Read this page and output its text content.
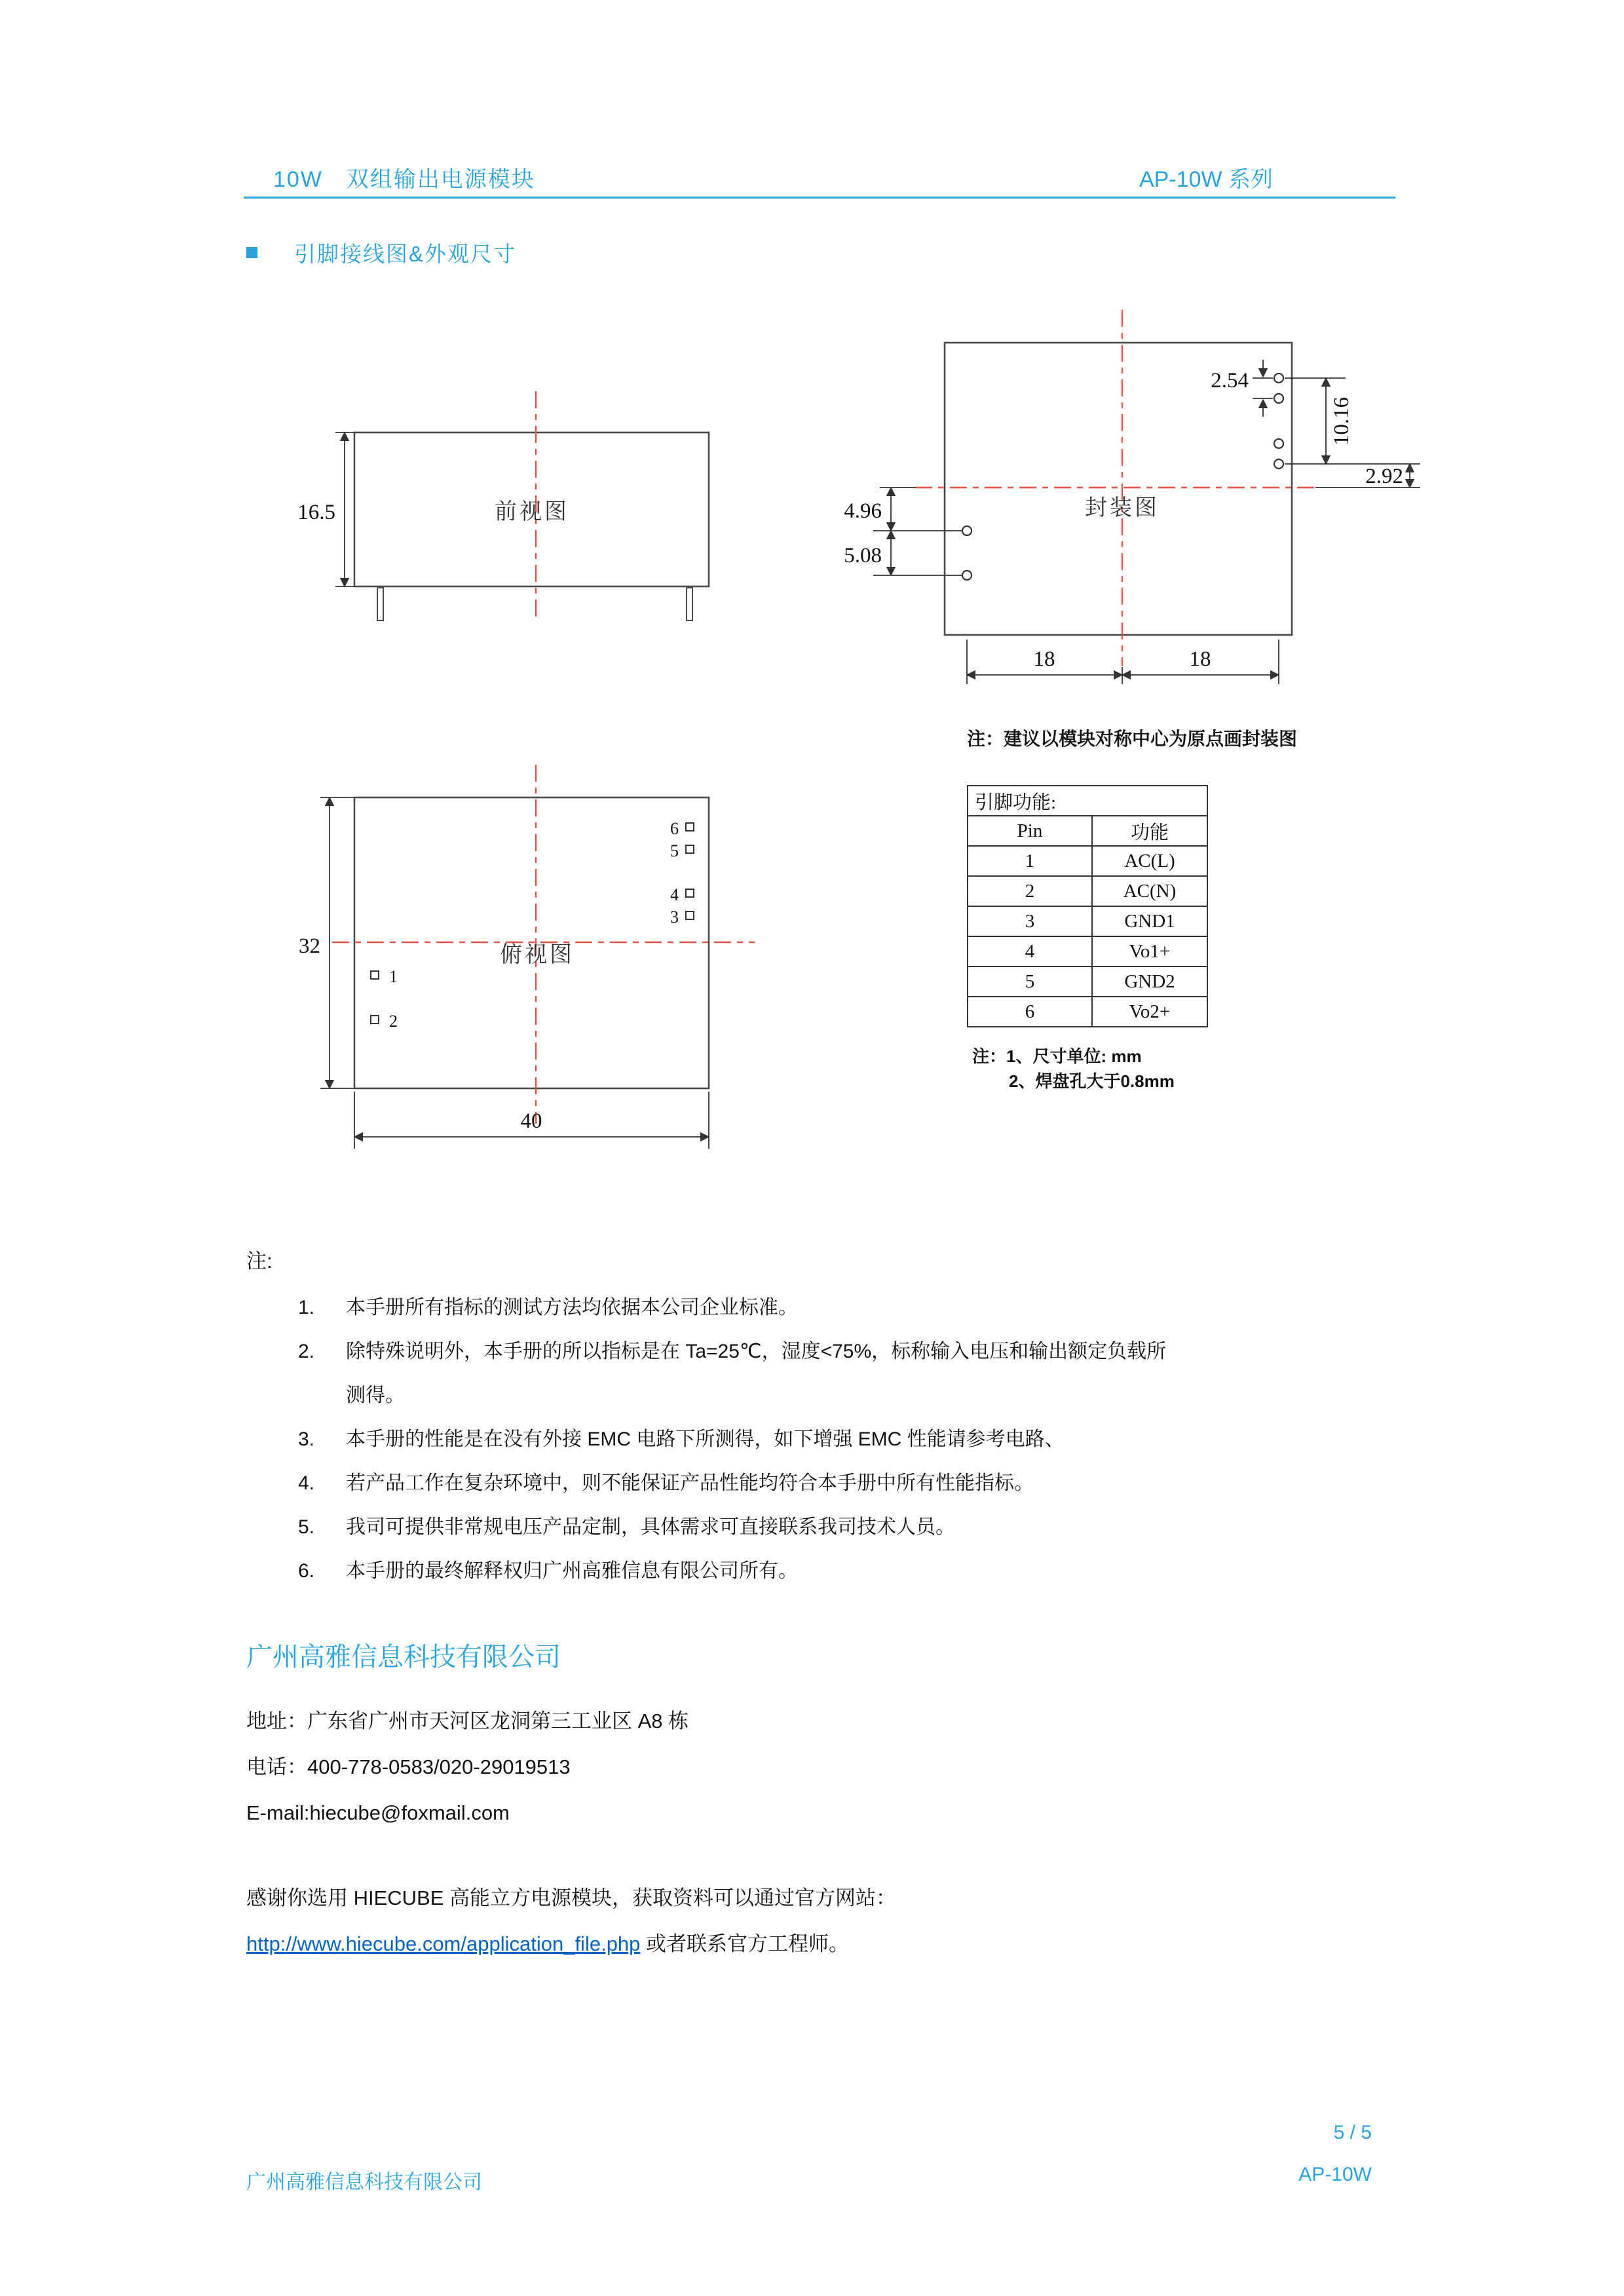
16.5	前视图
2.54
10.16
2.92
4.96
5.08
18	18
封装图
俯视图
6
5
4
3
1
2
32
40
10W　双组输出电源模块	AP-10W 系列
引脚接线图&外观尺寸
注：建议以模块对称中心为原点画封装图
引脚功能:	
Pin	功能
1	AC(L)
2	AC(N)
3	GND1
4	Vo1+
5	GND2
6	Vo2+
注：1、尺寸单位: mm
2、焊盘孔大于0.8mm
注:
1.	本手册所有指标的测试方法均依据本公司企业标准。
2.	除特殊说明外，本手册的所以指标是在 Ta=25℃，湿度<75%，标称输入电压和输出额定负载所
测得。
3.	本手册的性能是在没有外接 EMC 电路下所测得，如下增强 EMC 性能请参考电路、
4.	若产品工作在复杂环境中，则不能保证产品性能均符合本手册中所有性能指标。
5.	我司可提供非常规电压产品定制，具体需求可直接联系我司技术人员。
6.	本手册的最终解释权归广州高雅信息有限公司所有。
广州高雅信息科技有限公司
地址：广东省广州市天河区龙洞第三工业区 A8 栋
电话：400-778-0583/020-29019513
E-mail:hiecube@foxmail.com
感谢你选用 HIECUBE 高能立方电源模块，获取资料可以通过官方网站：
http://www.hiecube.com/application_file.php 或者联系官方工程师。
5 / 5
广州高雅信息科技有限公司	AP-10W
